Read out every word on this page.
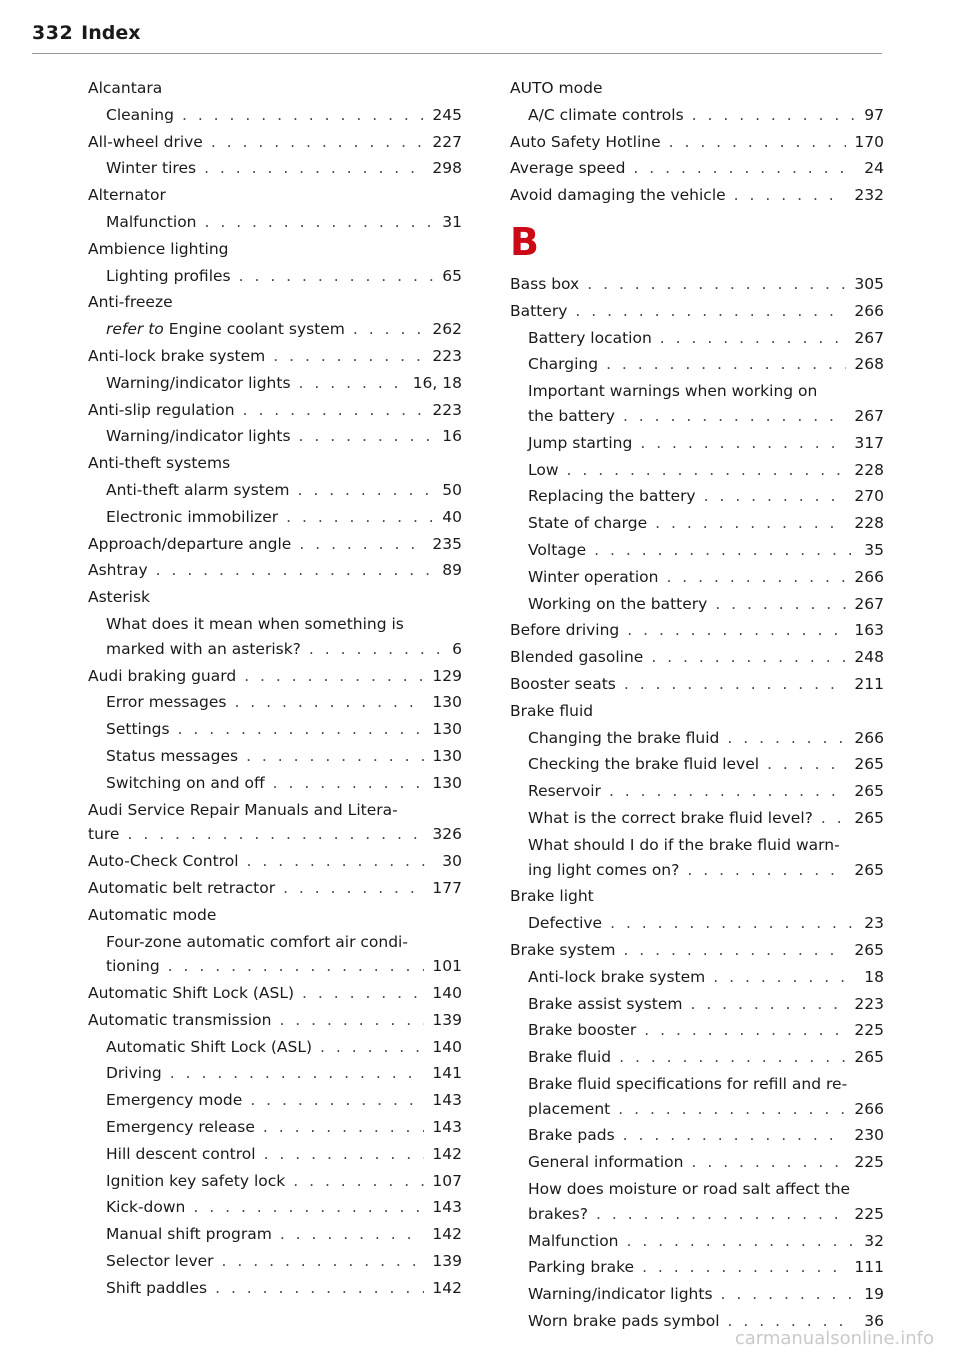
332 Index
Alcantara
Cleaning . . .	245
All-wheel drive . . .	227
Winter tires . . .	298
Alternator
Malfunction . . .	31
Ambience lighting
Lighting profiles . . .	65
Anti-freeze
refer to Engine coolant system . . .	262
Anti-lock brake system . . .	223
Warning/indicator lights . . .	16, 18
Anti-slip regulation . . .	223
Warning/indicator lights . . .	16
Anti-theft systems
Anti-theft alarm system . . .	50
Electronic immobilizer . . .	40
Approach/departure angle . . .	235
Ashtray . . .	89
Asterisk
What does it mean when something is
marked with an asterisk? . . .	6
Audi braking guard . . .	129
Error messages . . .	130
Settings . . .	130
Status messages . . .	130
Switching on and off . . .	130
Audi Service Repair Manuals and Litera-
ture . . .	326
Auto-Check Control . . .	30
Automatic belt retractor . . .	177
Automatic mode
Four-zone automatic comfort air condi-
tioning . . .	101
Automatic Shift Lock (ASL) . . .	140
Automatic transmission . . .	139
Automatic Shift Lock (ASL) . . .	140
Driving . . .	141
Emergency mode . . .	143
Emergency release . . .	143
Hill descent control . . .	142
Ignition key safety lock . . .	107
Kick-down . . .	143
Manual shift program . . .	142
Selector lever . . .	139
Shift paddles . . .	142
AUTO mode
A/C climate controls . . .	97
Auto Safety Hotline . . .	170
Average speed . . .	24
Avoid damaging the vehicle . . .	232
B
Bass box . . .	305
Battery . . .	266
Battery location . . .	267
Charging . . .	268
Important warnings when working on
the battery . . .	267
Jump starting . . .	317
Low . . .	228
Replacing the battery . . .	270
State of charge . . .	228
Voltage . . .	35
Winter operation . . .	266
Working on the battery . . .	267
Before driving . . .	163
Blended gasoline . . .	248
Booster seats . . .	211
Brake fluid
Changing the brake fluid . . .	266
Checking the brake fluid level . . .	265
Reservoir . . .	265
What is the correct brake fluid level? . . .	265
What should I do if the brake fluid warn-
ing light comes on? . . .	265
Brake light
Defective . . .	23
Brake system . . .	265
Anti-lock brake system . . .	18
Brake assist system . . .	223
Brake booster . . .	225
Brake fluid . . .	265
Brake fluid specifications for refill and re-
placement . . .	266
Brake pads . . .	230
General information . . .	225
How does moisture or road salt affect the
brakes? . . .	225
Malfunction . . .	32
Parking brake . . .	111
Warning/indicator lights . . .	19
Worn brake pads symbol . . .	36
carmanualsonline.info
